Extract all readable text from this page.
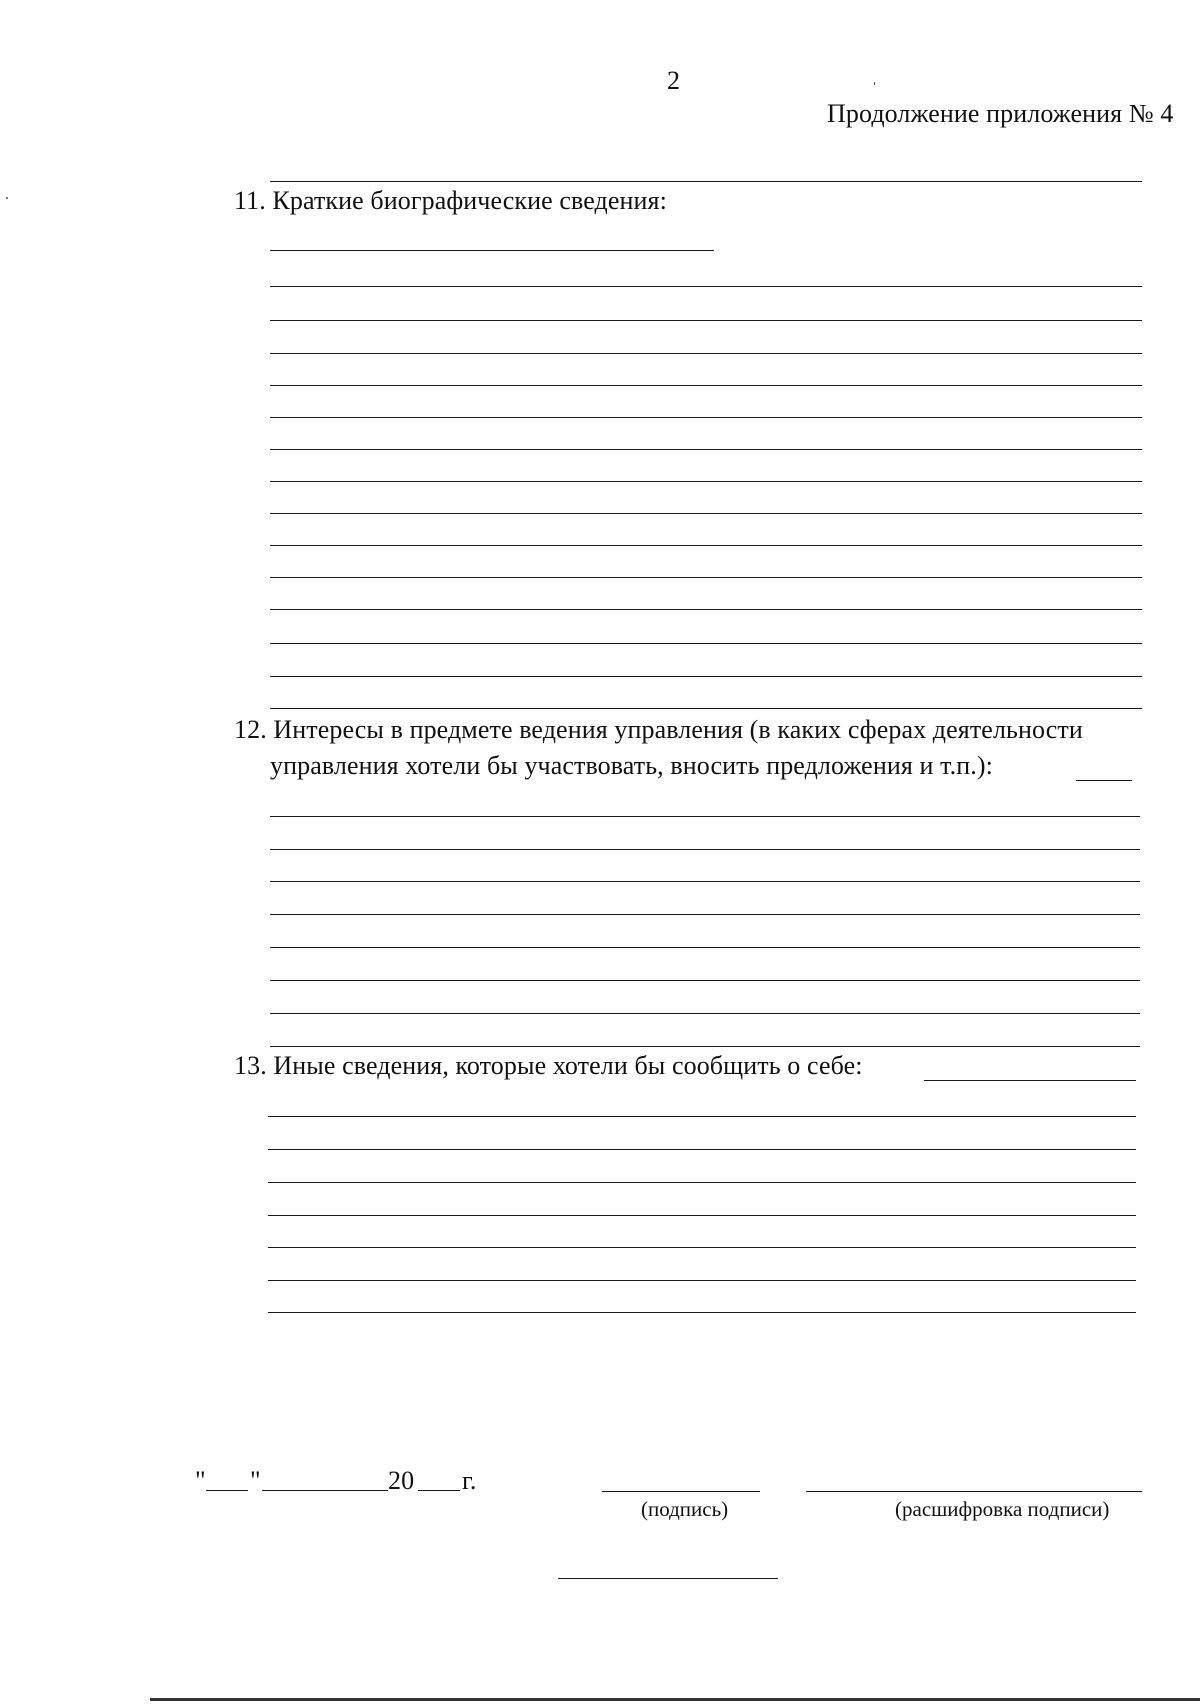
2
Продолжение приложения № 4
11. Краткие биографические сведения:
12. Интересы в предмете ведения управления (в каких сферах деятельности
управления хотели бы участвовать, вносить предложения и т.п.):
13. Иные сведения, которые хотели бы сообщить о себе:
" "	20 г.
(подпись)	(расшифровка подписи)
